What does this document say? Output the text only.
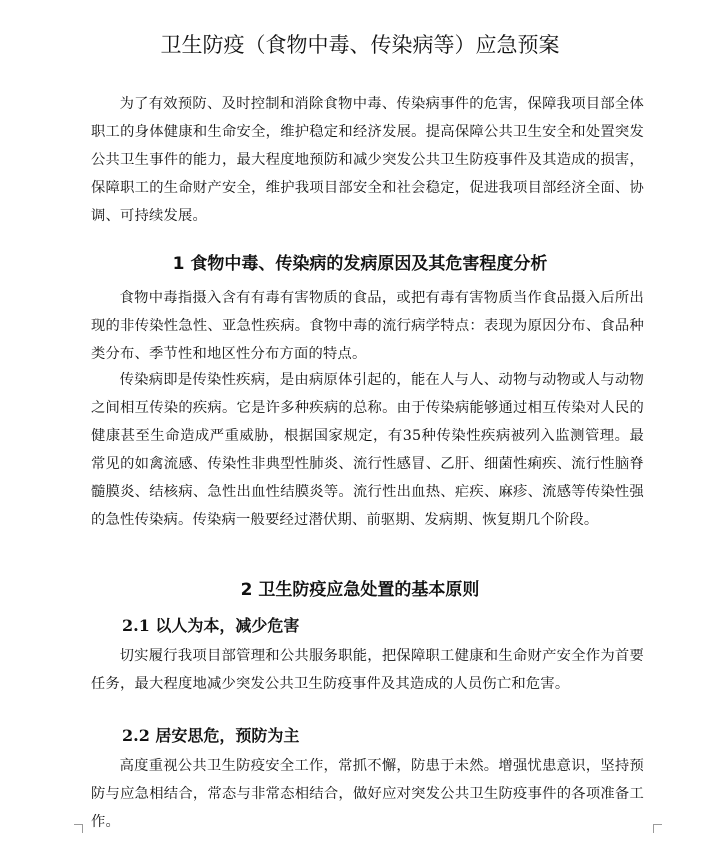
卫生防疫（食物中毒、传染病等）应急预案

为了有效预防、及时控制和消除食物中毒、传染病事件的危害，保障我项目部全体职工的身体健康和生命安全，维护稳定和经济发展。提高保障公共卫生安全和处置突发公共卫生事件的能力，最大程度地预防和减少突发公共卫生防疫事件及其造成的损害，保障职工的生命财产安全，维护我项目部安全和社会稳定，促进我项目部经济全面、协调、可持续发展。

1 食物中毒、传染病的发病原因及其危害程度分析

食物中毒指摄入含有有毒有害物质的食品，或把有毒有害物质当作食品摄入后所出现的非传染性急性、亚急性疾病。食物中毒的流行病学特点：表现为原因分布、食品种类分布、季节性和地区性分布方面的特点。

传染病即是传染性疾病，是由病原体引起的，能在人与人、动物与动物或人与动物之间相互传染的疾病。它是许多种疾病的总称。由于传染病能够通过相互传染对人民的健康甚至生命造成严重威胁，根据国家规定，有35种传染性疾病被列入监测管理。最常见的如禽流感、传染性非典型性肺炎、流行性感冒、乙肝、细菌性痢疾、流行性脑脊髓膜炎、结核病、急性出血性结膜炎等。流行性出血热、疟疾、麻疹、流感等传染性强的急性传染病。传染病一般要经过潜伏期、前驱期、发病期、恢复期几个阶段。

2 卫生防疫应急处置的基本原则
2.1 以人为本，减少危害

切实履行我项目部管理和公共服务职能，把保障职工健康和生命财产安全作为首要任务，最大程度地减少突发公共卫生防疫事件及其造成的人员伤亡和危害。

2.2 居安思危，预防为主

高度重视公共卫生防疫安全工作，常抓不懈，防患于未然。增强忧患意识，坚持预防与应急相结合，常态与非常态相结合，做好应对突发公共卫生防疫事件的各项准备工作。
